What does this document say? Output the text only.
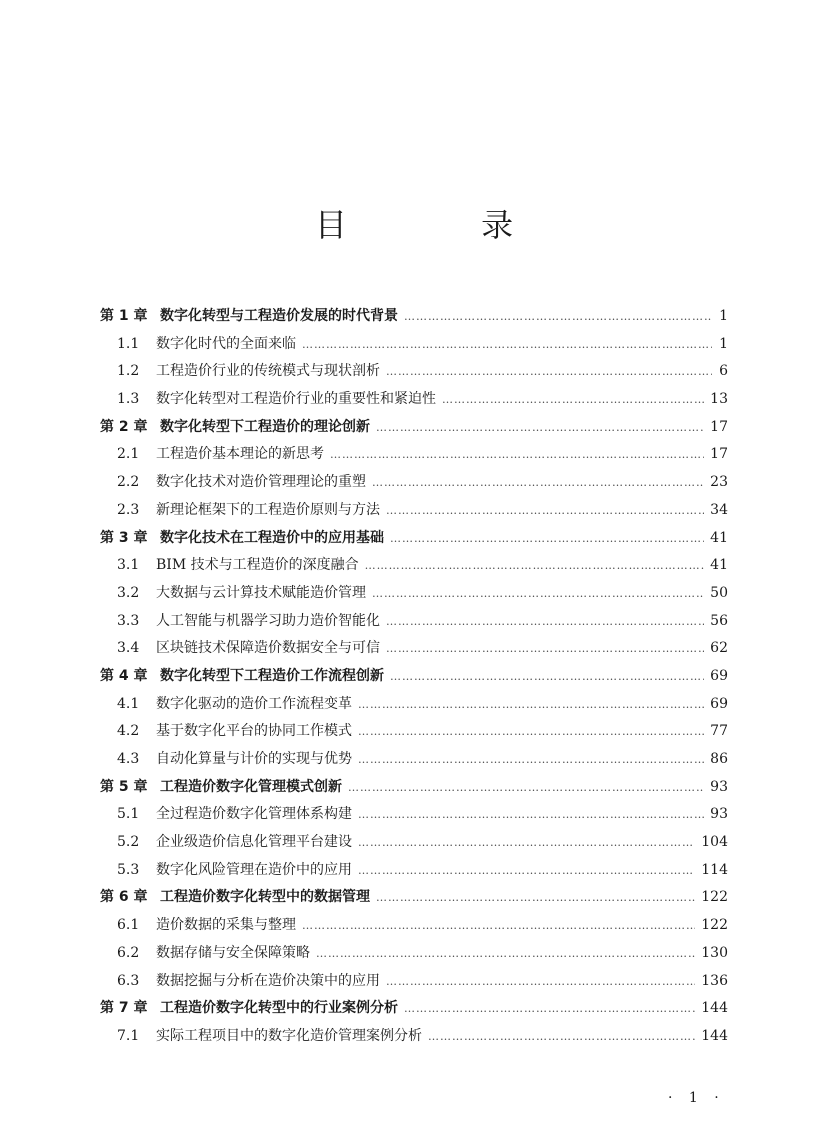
目 录
第 1 章 数字化转型与工程造价发展的时代背景 ………………………………………………………………………………………………………………………………………………………………………………………………	1
1.1	数字化时代的全面来临 ………………………………………………………………………………………………………………………………………………………………………………………………	1
1.2	工程造价行业的传统模式与现状剖析 ………………………………………………………………………………………………………………………………………………………………………………………………	6
1.3	数字化转型对工程造价行业的重要性和紧迫性 ………………………………………………………………………………………………………………………………………………………………………………………………	13
第 2 章 数字化转型下工程造价的理论创新 ………………………………………………………………………………………………………………………………………………………………………………………………	17
2.1	工程造价基本理论的新思考 ………………………………………………………………………………………………………………………………………………………………………………………………	17
2.2	数字化技术对造价管理理论的重塑 ………………………………………………………………………………………………………………………………………………………………………………………………	23
2.3	新理论框架下的工程造价原则与方法 ………………………………………………………………………………………………………………………………………………………………………………………………	34
第 3 章 数字化技术在工程造价中的应用基础 ………………………………………………………………………………………………………………………………………………………………………………………………	41
3.1	BIM 技术与工程造价的深度融合 ………………………………………………………………………………………………………………………………………………………………………………………………	41
3.2	大数据与云计算技术赋能造价管理 ………………………………………………………………………………………………………………………………………………………………………………………………	50
3.3	人工智能与机器学习助力造价智能化 ………………………………………………………………………………………………………………………………………………………………………………………………	56
3.4	区块链技术保障造价数据安全与可信 ………………………………………………………………………………………………………………………………………………………………………………………………	62
第 4 章 数字化转型下工程造价工作流程创新 ………………………………………………………………………………………………………………………………………………………………………………………………	69
4.1	数字化驱动的造价工作流程变革 ………………………………………………………………………………………………………………………………………………………………………………………………	69
4.2	基于数字化平台的协同工作模式 ………………………………………………………………………………………………………………………………………………………………………………………………	77
4.3	自动化算量与计价的实现与优势 ………………………………………………………………………………………………………………………………………………………………………………………………	86
第 5 章 工程造价数字化管理模式创新 ………………………………………………………………………………………………………………………………………………………………………………………………	93
5.1	全过程造价数字化管理体系构建 ………………………………………………………………………………………………………………………………………………………………………………………………	93
5.2	企业级造价信息化管理平台建设 ………………………………………………………………………………………………………………………………………………………………………………………………	104
5.3	数字化风险管理在造价中的应用 ………………………………………………………………………………………………………………………………………………………………………………………………	114
第 6 章 工程造价数字化转型中的数据管理 ………………………………………………………………………………………………………………………………………………………………………………………………	122
6.1	造价数据的采集与整理 ………………………………………………………………………………………………………………………………………………………………………………………………	122
6.2	数据存储与安全保障策略 ………………………………………………………………………………………………………………………………………………………………………………………………	130
6.3	数据挖掘与分析在造价决策中的应用 ………………………………………………………………………………………………………………………………………………………………………………………………	136
第 7 章 工程造价数字化转型中的行业案例分析 ………………………………………………………………………………………………………………………………………………………………………………………………	144
7.1	实际工程项目中的数字化造价管理案例分析 ………………………………………………………………………………………………………………………………………………………………………………………………	144
· 1 ·
